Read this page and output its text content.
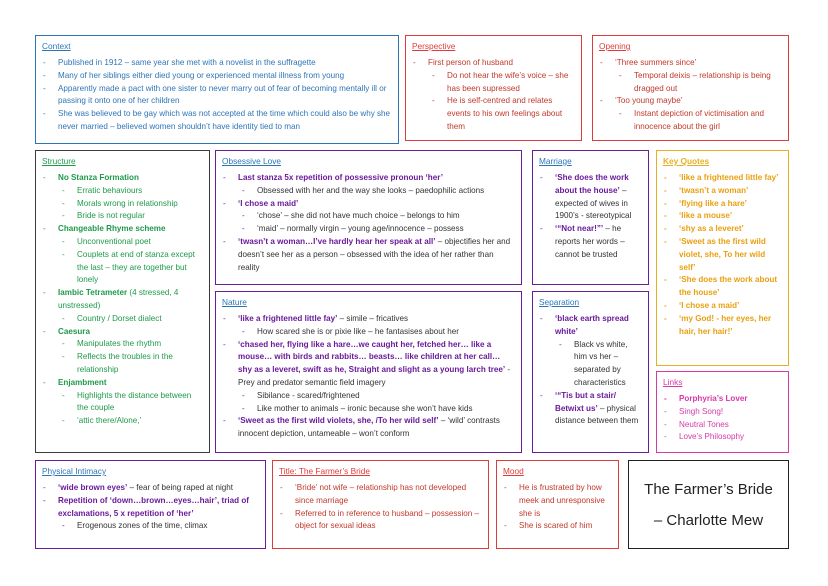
Context
- Published in 1912 – same year she met with a novelist in the suffragette
- Many of her siblings either died young or experienced mental illness from young
- Apparently made a pact with one sister to never marry out of fear of becoming mentally ill or passing it onto one of her children
- She was believed to be gay which was not accepted at the time which could also be why she never married – believed women shouldn’t have identity tied to man
Perspective
- First person of husband
- Do not hear the wife’s voice – she has been supressed
- He is self-centred and relates events to his own feelings about them
Opening
- ‘Three summers since’
- Temporal deixis – relationship is being dragged out
- ‘Too young maybe’
- Instant depiction of victimisation and innocence about the girl
Structure
- No Stanza Formation
- Erratic behaviours
- Morals wrong in relationship
- Bride is not regular
- Changeable Rhyme scheme
- Unconventional poet
- Couplets at end of stanza except the last – they are together but lonely
- Iambic Tetrameter (4 stressed, 4 unstressed)
- Country / Dorset dialect
- Caesura
- Manipulates the rhythm
- Reflects the troubles in the relationship
- Enjambment
- Highlights the distance between the couple
- ‘attic there/Alone,’
Obsessive Love
- Last stanza 5x repetition of possessive pronoun ‘her’
- Obsessed with her and the way she looks – paedophilic actions
- ‘I chose a maid’
- ‘chose’ – she did not have much choice – belongs to him
- ‘maid’ – normally virgin – young age/innocence – possess
- ‘twasn’t a woman…I’ve hardly hear her speak at all’ – objectifies her and doesn’t see her as a person – obsessed with the idea of her rather than reality
Nature
- ‘like a frightened little fay’ – simile – fricatives
- How scared she is or pixie like – he fantasises about her
- ‘chased her, flying like a hare…we caught her, fetched her… like a mouse… with birds and rabbits… beasts… like children at her call… shy as a leveret, swift as he, Straight and slight as a young larch tree’ - Prey and predator semantic field imagery
- Sibilance - scared/frightened
- Like mother to animals – ironic because she won’t have kids
- ‘Sweet as the first wild violets, she, /To her wild self’ – ‘wild’ contrasts innocent depiction, untameable – won’t conform
Marriage
- ‘She does the work about the house’ – expected of wives in 1900’s - stereotypical
- ‘“Not near!”’ – he reports her words – cannot be trusted
Separation
- ‘black earth spread white’
- Black vs white, him vs her – separated by characteristics
- ‘“Tis but a stair/ Betwixt us’ – physical distance between them
Key Quotes
- ‘like a frightened little fay’
- ‘twasn’t a woman’
- ‘flying like a hare’
- ‘like a mouse’
- ‘shy as a leveret’
- ‘Sweet as the first wild violet, she, To her wild self’
- ‘She does the work about the house’
- ‘I chose a maid’
- ‘my God! - her eyes, her hair, her hair!’
Links
- Porphyria’s Lover
- Singh Song!
- Neutral Tones
- Love’s Philosophy
Physical Intimacy
- ‘wide brown eyes’ – fear of being raped at night
- Repetition of ‘down…brown…eyes…hair’, triad of exclamations, 5 x repetition of ‘her’
- Erogenous zones of the time, climax
Title: The Farmer’s Bride
- ‘Bride’ not wife – relationship has not developed since marriage
- Referred to in reference to husband – possession – object for sexual ideas
Mood
- He is frustrated by how meek and unresponsive she is
- She is scared of him
The Farmer’s Bride
– Charlotte Mew
